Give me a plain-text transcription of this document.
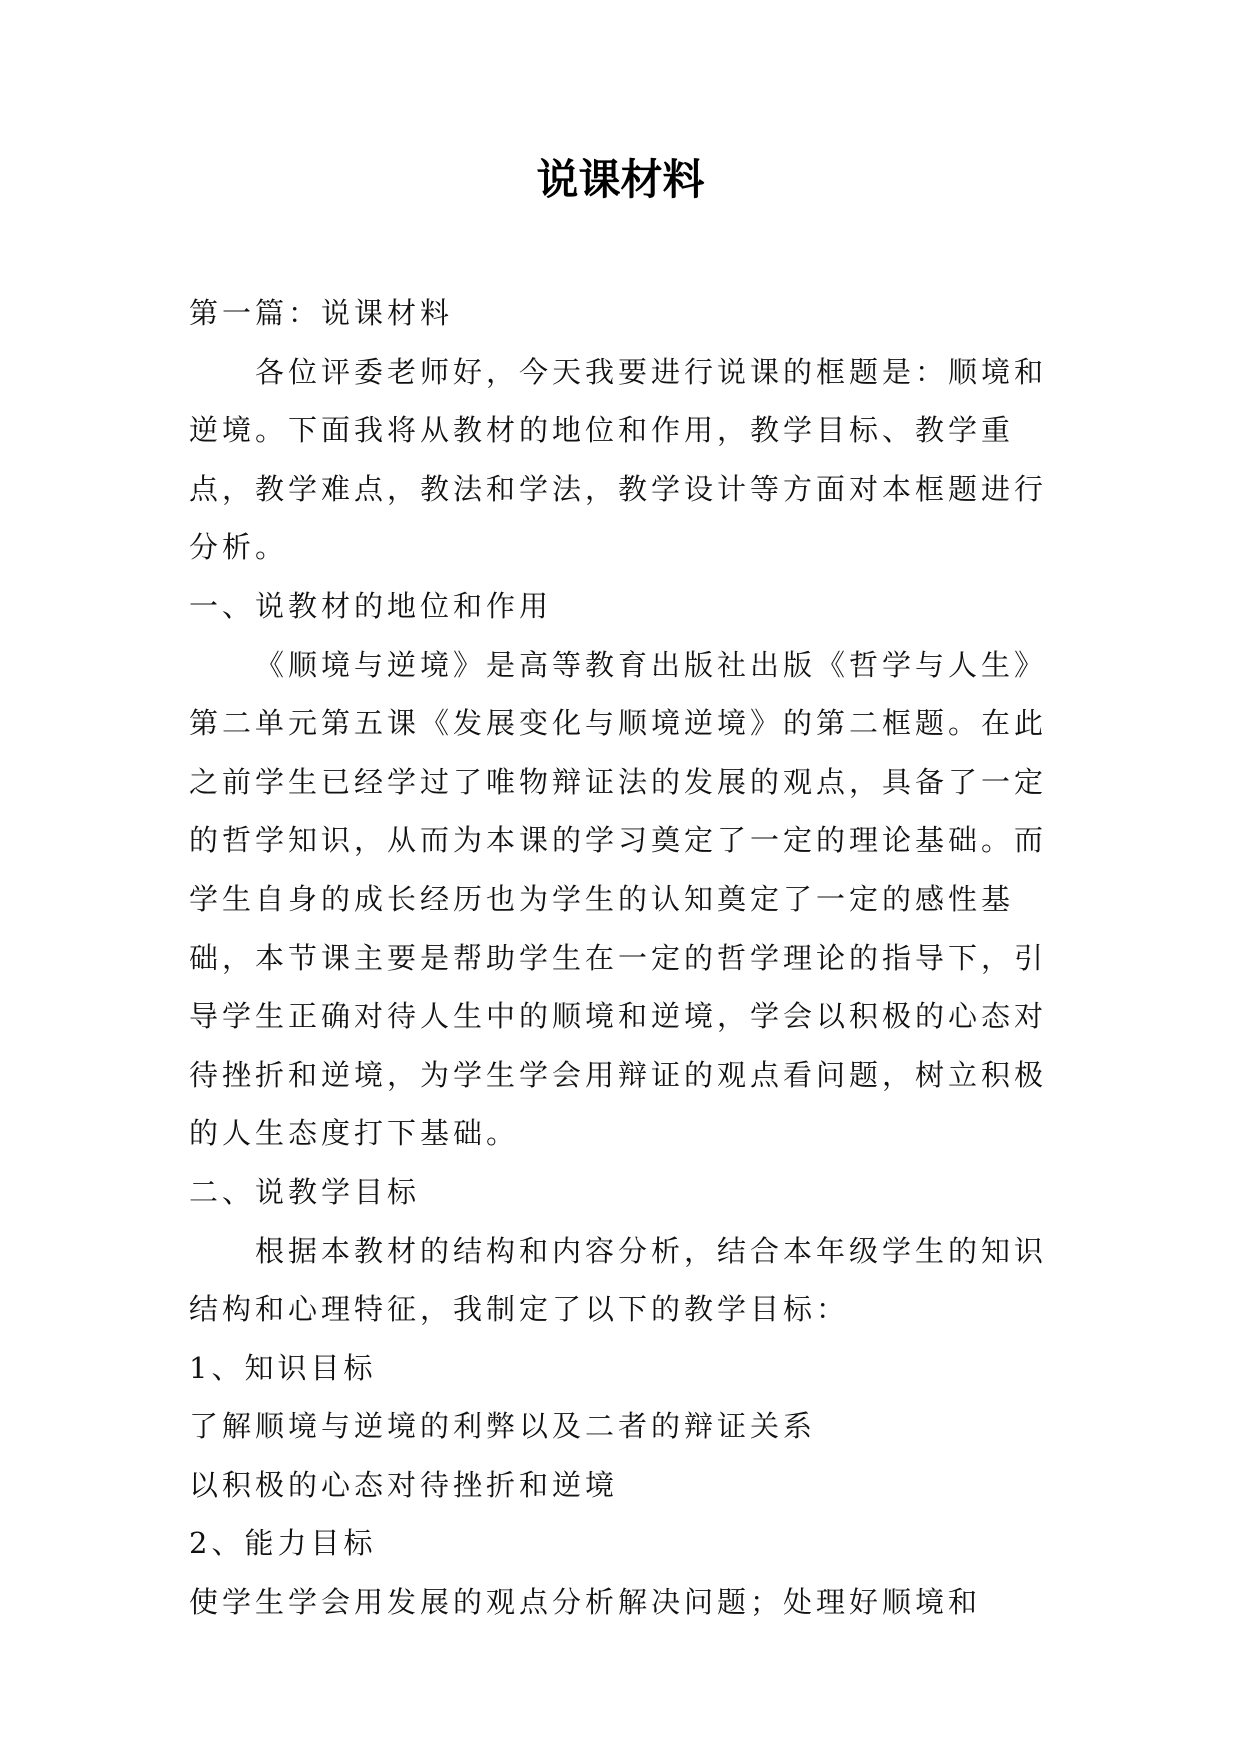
说课材料

第一篇：说课材料

各位评委老师好，今天我要进行说课的框题是：顺境和逆境。下面我将从教材的地位和作用，教学目标、教学重点，教学难点，教法和学法，教学设计等方面对本框题进行分析。

一、说教材的地位和作用

《顺境与逆境》是高等教育出版社出版《哲学与人生》第二单元第五课《发展变化与顺境逆境》的第二框题。在此之前学生已经学过了唯物辩证法的发展的观点，具备了一定的哲学知识，从而为本课的学习奠定了一定的理论基础。而学生自身的成长经历也为学生的认知奠定了一定的感性基础，本节课主要是帮助学生在一定的哲学理论的指导下，引导学生正确对待人生中的顺境和逆境，学会以积极的心态对待挫折和逆境，为学生学会用辩证的观点看问题，树立积极的人生态度打下基础。

二、说教学目标

根据本教材的结构和内容分析，结合本年级学生的知识结构和心理特征，我制定了以下的教学目标：

1、知识目标

了解顺境与逆境的利弊以及二者的辩证关系

以积极的心态对待挫折和逆境

2、能力目标

使学生学会用发展的观点分析解决问题；处理好顺境和
